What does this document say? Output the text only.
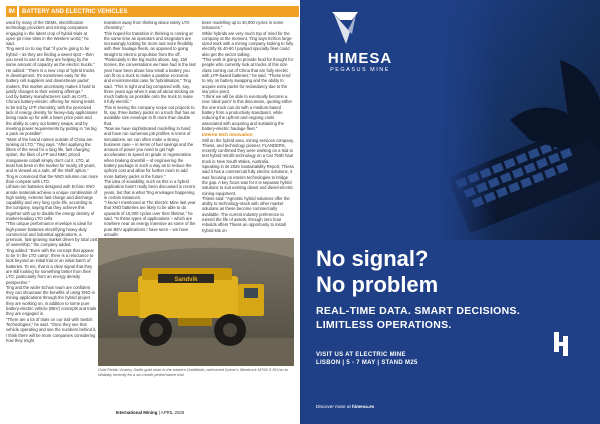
IM	BATTERY AND ELECTRIC VEHICLES

used by many of the OEMs, electrification technology providers and mining companies engaging in the latest crop of hybrid trials at open-pit mine sites in the Western world," he said.

Ting went on to say that "if you're going to be hybrid – as they are finding a sweet spot – then you need to use it as they are helping by the same amount of capacity as the electric trucks."

He added: "There is a new crop of hybrid trucks in development. It's sometimes easy for the battery cell suppliers and downstream packs' makers, this market uncertainty makes it hard to justify changes to their existing offerings."

Led by battery manufacturers such as CATL, China's battery-electric offering for mining tends to be led by LFP chemistry, with the perceived lack of energy density for heavy-duty applications being made up for with a lower price point and the ability to carry out battery swaps, and by meeting power requirements by putting in "as big a pack as possible".

"Most of the brand names outside of China are looking at LTO," Ting says. "After applying the filters of the need for a long life, fast charging option, the likes of LFP and NMC priced manganese cobalt simply don't cut it. LTO, at least has been in the market for nearly 20 years, and is viewed as a safe, off the shelf option."

Ting is convinced that the NNO solution can more than compete with LTO.

Lithium-ion batteries designed with Echion XNO anode materials achieve a unique combination of high safety, extreme fast-charge and discharge capability and very long cycle life, according to the company, saying that they achieve this together with up to double the energy density of market-leading LTO cells.

"This unique performance envelope is ideal for high-power batteries electrifying heavy-duty commercial and industrial applications, a premium, fast-growing market driven by total cost of ownership," the company added.

Ting added: "Even with the concept that appear to be 'in the LTO camp', there is a reluctance to look beyond an initial trial or an initial batch of batteries. To me, that is a clear signal that they are still looking for something better from their LTO, particularly from an energy density perspective."

Ting and the wider Echion team are confident they can showcase the benefits of using XNO in mining applications through the hybrid project they are working on, in addition to some pure battery-electric vehicle (BEV) concepts and trials they are engaged in.

"There are a lot of trials on our trail with Switch Technologies," he said. "Once they see that vehicle operating and see the numbers behind it, I think there will be more companies considering how they might

transition away from thinking about solely LTO chemistry."

This hoped-for transition in thinking is coming at the same time as operators and integrators are increasingly looking for more and more flexibility with their haulage fleets, as opposed to going straight to electric propulsion from the off.

"Particularly in the big trucks above, say, 150 tonnes, the conversations we have had in the last year have been about how small a battery you can fit on a truck to make a positive economic and environmental case for hybridisation," Ting said. "This is right and big compared with, say, three years ago when it was all about sticking as much battery as possible onto the truck to make it fully electric."

This is seeing the company scope out projects to fit, say, three battery packs on a truck that has an available size envelope to fit more than double that.

"Now we have sophisticated modelling to hand and have run numerous job profiles in terms of simulations, we can often make a strong business case – in terms of fuel savings and the amount of power you need to get high acceleration to speed on grade or regeneration when braking downhill – of engineering the battery package in such a way as to reduce the upfront cost and allow for further room to add more battery packs in the future."

The idea of scalability, such as this in a hybrid application hasn't really been discussed in recent years, but that is what Ting envisages happening in certain instances.

"I know I mentioned at The Electric Mine last year that XNO batteries are likely to be able to do upwards of 15,000 cycles over their lifetime," he said. "In these types of applications – which are nowhere near as energy intensive as some of the pure BEV applications I have seen – we have actually

been modelling up to 30,000 cycles in some instances."

While hybrids are very much top of mind for the company at the moment, Ting says Echion large-sized work with a mining company looking to fully electrify its 40-60 t payload specialty fleet could also get the sector talking.

"This work is going to provide food for thought for people who currently look at trucks of this size class coming out of China that are fully electric with LFP-based batteries," he said. "These tend to rely on battery swapping and the ability to acquire extra packs for redundancy due to the low price point.

"I think we will be able to eventually become a new 'ideal point' in this discussion, quoting either the one truck can do with a medium-based battery from a productivity standpoint, while reducing the upfront and ongoing costs associated with acquiring and sustaining the battery-electric haulage fleet."

Interim tech innovation

Still on the hybrid area, mining services company, Thiess, and technology pioneer, FLANDERS, recently confirmed they were working on a trial to test hybrid retrofit technology on a Cat 793D haul truck in New South Wales, Australia.

Speaking in its 2025 Sustainability Report, Thiess said it has a commercial fully electric solutions, it was focusing on interim technologies to bridge the gap. A key focus was for it is separate hybrid solutions to suit existing diesel and diesel-electric mining equipment.

Thiess said: "Agnostic hybrid solutions offer the ability to technology-stack with other market solutions as these become commercially available. The current industry preference to extend the life of assets, through zero hour rebuilds offers Thiess an opportunity to install hybrid kits on

Sandvik
Gold Fields' Granny Smith gold mine in the eastern Goldfields, welcomed Epiroc's Minetruck MT66 S Ei/Vso to Wallaby recently for a six-month performance trial
International Mining | APRIL 2025
HIMESA
PEGASUS MINE
No signal?
No problem
REAL-TIME DATA. SMART DECISIONS.
LIMITLESS OPERATIONS.
VISIT US AT ELECTRIC MINE
LISBON | 5 - 7 MAY | STAND M25
Discover more at himesa.es
